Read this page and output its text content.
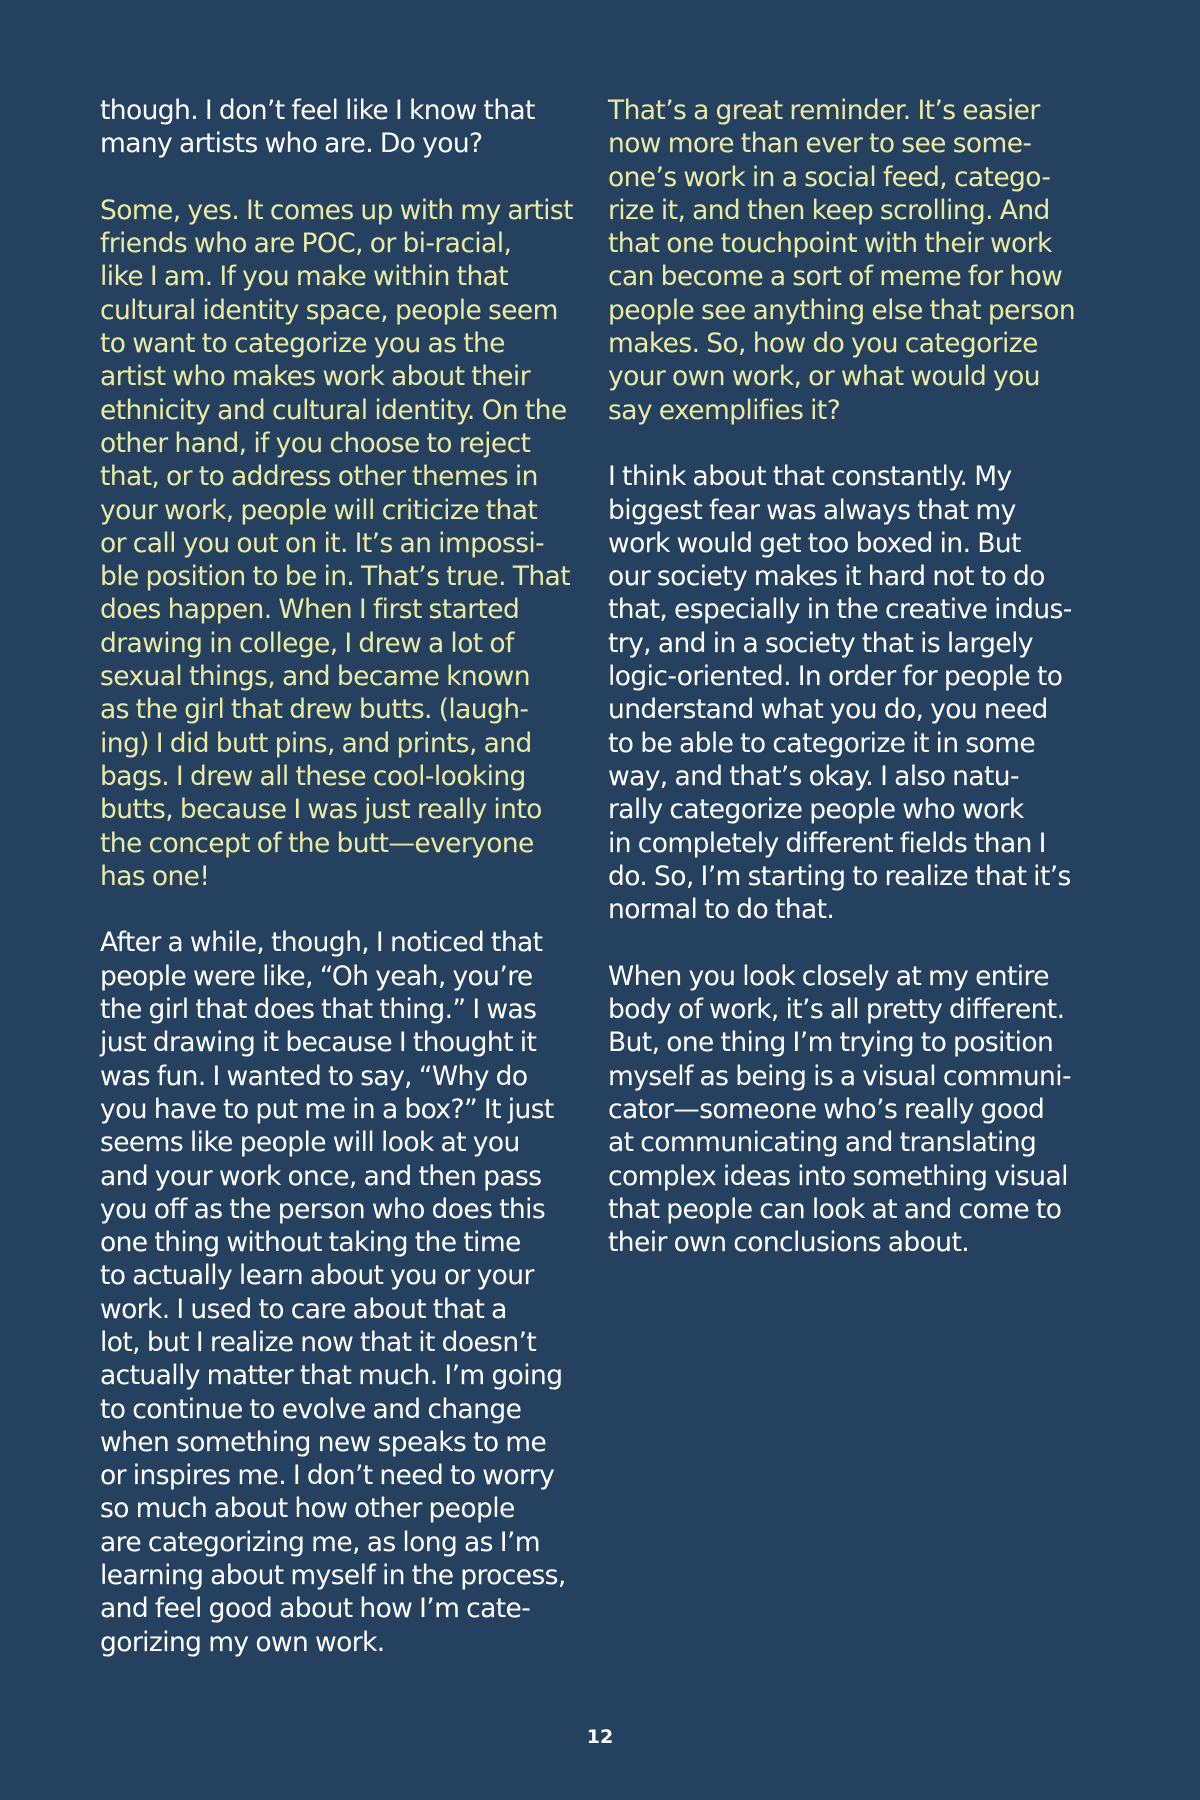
though. I don’t feel like I know that
many artists who are. Do you?

Some, yes. It comes up with my artist
friends who are POC, or bi-racial,
like I am. If you make within that
cultural identity space, people seem
to want to categorize you as the
artist who makes work about their
ethnicity and cultural identity. On the
other hand, if you choose to reject
that, or to address other themes in
your work, people will criticize that
or call you out on it. It’s an impossi-
ble position to be in. That’s true. That
does happen. When I first started
drawing in college, I drew a lot of
sexual things, and became known
as the girl that drew butts. (laugh-
ing) I did butt pins, and prints, and
bags. I drew all these cool-looking
butts, because I was just really into
the concept of the butt—everyone
has one!

After a while, though, I noticed that
people were like, “Oh yeah, you’re
the girl that does that thing.” I was
just drawing it because I thought it
was fun. I wanted to say, “Why do
you have to put me in a box?” It just
seems like people will look at you
and your work once, and then pass
you off as the person who does this
one thing without taking the time
to actually learn about you or your
work. I used to care about that a
lot, but I realize now that it doesn’t
actually matter that much. I’m going
to continue to evolve and change
when something new speaks to me
or inspires me. I don’t need to worry
so much about how other people
are categorizing me, as long as I’m
learning about myself in the process,
and feel good about how I’m cate-
gorizing my own work.

That’s a great reminder. It’s easier
now more than ever to see some-
one’s work in a social feed, catego-
rize it, and then keep scrolling. And
that one touchpoint with their work
can become a sort of meme for how
people see anything else that person
makes. So, how do you categorize
your own work, or what would you
say exemplifies it?

I think about that constantly. My
biggest fear was always that my
work would get too boxed in. But
our society makes it hard not to do
that, especially in the creative indus-
try, and in a society that is largely
logic-oriented. In order for people to
understand what you do, you need
to be able to categorize it in some
way, and that’s okay. I also natu-
rally categorize people who work
in completely different fields than I
do. So, I’m starting to realize that it’s
normal to do that.

When you look closely at my entire
body of work, it’s all pretty different.
But, one thing I’m trying to position
myself as being is a visual communi-
cator—someone who’s really good
at communicating and translating
complex ideas into something visual
that people can look at and come to
their own conclusions about.

12
